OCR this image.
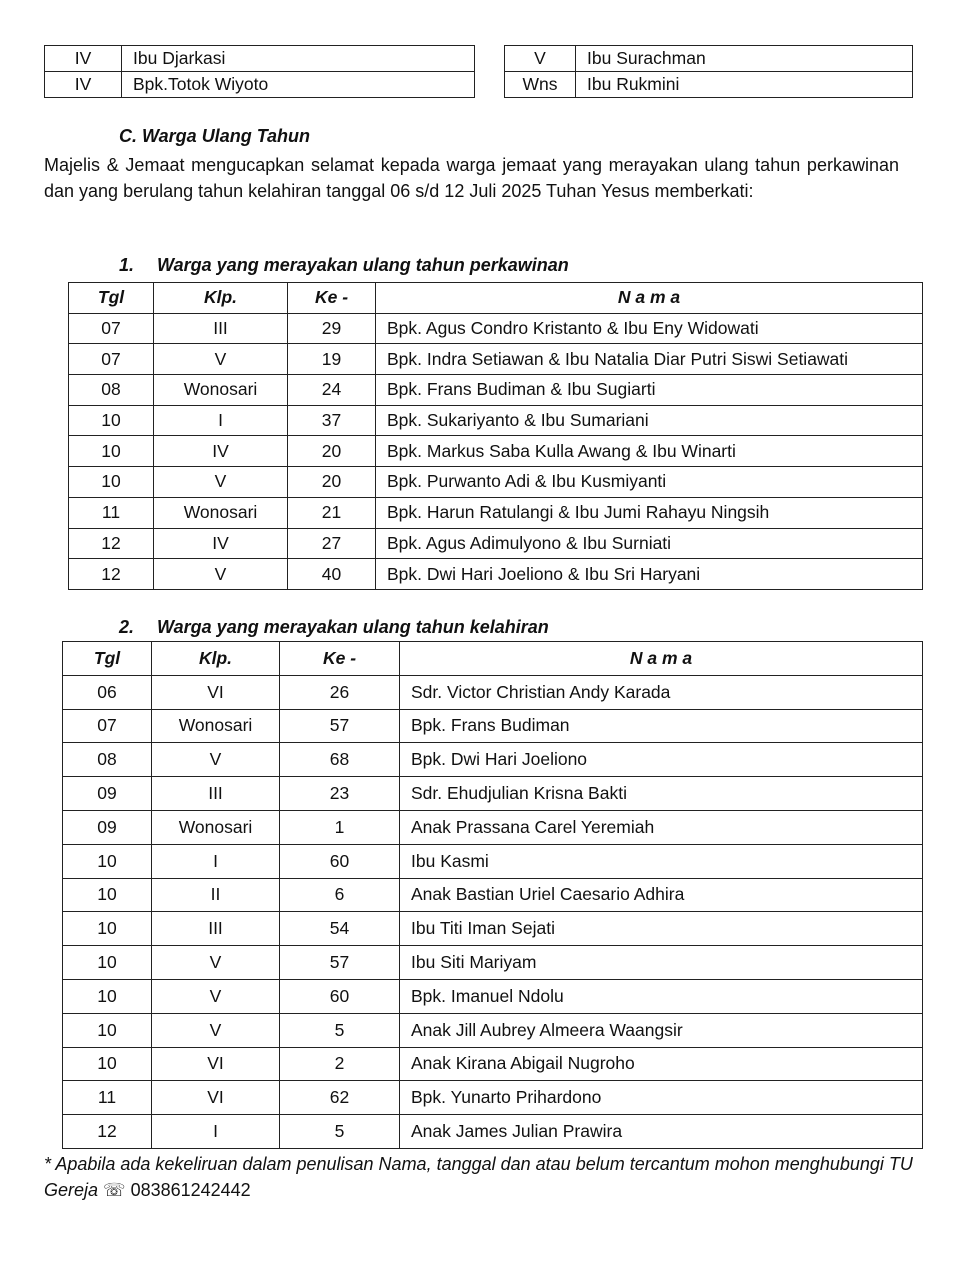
IV	Ibu Djarkasi
IV	Bpk.Totok Wiyoto
V	Ibu Surachman
Wns	Ibu Rukmini
C. Warga Ulang Tahun
Majelis & Jemaat mengucapkan selamat kepada warga jemaat yang merayakan ulang tahun perkawinan dan yang berulang tahun kelahiran tanggal 06 s/d 12 Juli 2025 Tuhan Yesus memberkati:
1. Warga yang merayakan ulang tahun perkawinan
Tgl	Klp.	Ke -	N a m a
07	III	29	Bpk. Agus Condro Kristanto & Ibu Eny Widowati
07	V	19	Bpk. Indra Setiawan & Ibu Natalia Diar Putri Siswi Setiawati
08	Wonosari	24	Bpk. Frans Budiman & Ibu Sugiarti
10	I	37	Bpk. Sukariyanto & Ibu Sumariani
10	IV	20	Bpk. Markus Saba Kulla Awang & Ibu Winarti
10	V	20	Bpk. Purwanto Adi & Ibu Kusmiyanti
11	Wonosari	21	Bpk. Harun Ratulangi & Ibu Jumi Rahayu Ningsih
12	IV	27	Bpk. Agus Adimulyono & Ibu Surniati
12	V	40	Bpk. Dwi Hari Joeliono & Ibu Sri Haryani
2. Warga yang merayakan ulang tahun kelahiran
Tgl	Klp.	Ke -	N a m a
06	VI	26	Sdr. Victor Christian Andy Karada
07	Wonosari	57	Bpk. Frans Budiman
08	V	68	Bpk. Dwi Hari Joeliono
09	III	23	Sdr. Ehudjulian Krisna Bakti
09	Wonosari	1	Anak Prassana Carel Yeremiah
10	I	60	Ibu Kasmi
10	II	6	Anak Bastian Uriel Caesario Adhira
10	III	54	Ibu Titi Iman Sejati
10	V	57	Ibu Siti Mariyam
10	V	60	Bpk. Imanuel Ndolu
10	V	5	Anak Jill Aubrey Almeera Waangsir
10	VI	2	Anak Kirana Abigail Nugroho
11	VI	62	Bpk. Yunarto Prihardono
12	I	5	Anak James Julian Prawira
* Apabila ada kekeliruan dalam penulisan Nama, tanggal dan atau belum tercantum mohon menghubungi TU Gereja ☏ 083861242442
